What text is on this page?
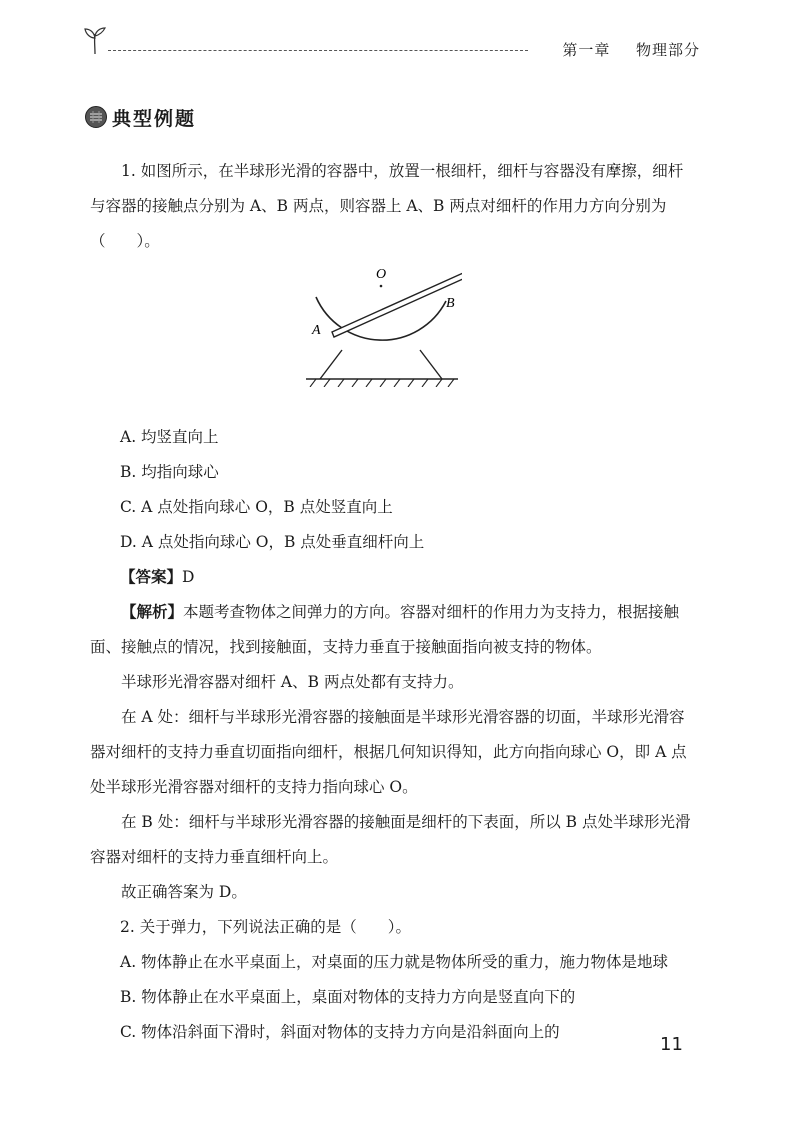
第一章 物理部分
典型例题

1. 如图所示，在半球形光滑的容器中，放置一根细杆，细杆与容器没有摩擦，细杆与容器的接触点分别为 A、B 两点，则容器上 A、B 两点对细杆的作用力方向分别为（　　）。

O
B
A

A. 均竖直向上

B. 均指向球心

C. A 点处指向球心 O，B 点处竖直向上

D. A 点处指向球心 O，B 点处垂直细杆向上

【答案】D

【解析】本题考查物体之间弹力的方向。容器对细杆的作用力为支持力，根据接触面、接触点的情况，找到接触面，支持力垂直于接触面指向被支持的物体。

半球形光滑容器对细杆 A、B 两点处都有支持力。

在 A 处：细杆与半球形光滑容器的接触面是半球形光滑容器的切面，半球形光滑容器对细杆的支持力垂直切面指向细杆，根据几何知识得知，此方向指向球心 O，即 A 点处半球形光滑容器对细杆的支持力指向球心 O。

在 B 处：细杆与半球形光滑容器的接触面是细杆的下表面，所以 B 点处半球形光滑容器对细杆的支持力垂直细杆向上。

故正确答案为 D。

2. 关于弹力，下列说法正确的是（　　）。

A. 物体静止在水平桌面上，对桌面的压力就是物体所受的重力，施力物体是地球

B. 物体静止在水平桌面上，桌面对物体的支持力方向是竖直向下的

C. 物体沿斜面下滑时，斜面对物体的支持力方向是沿斜面向上的

11
